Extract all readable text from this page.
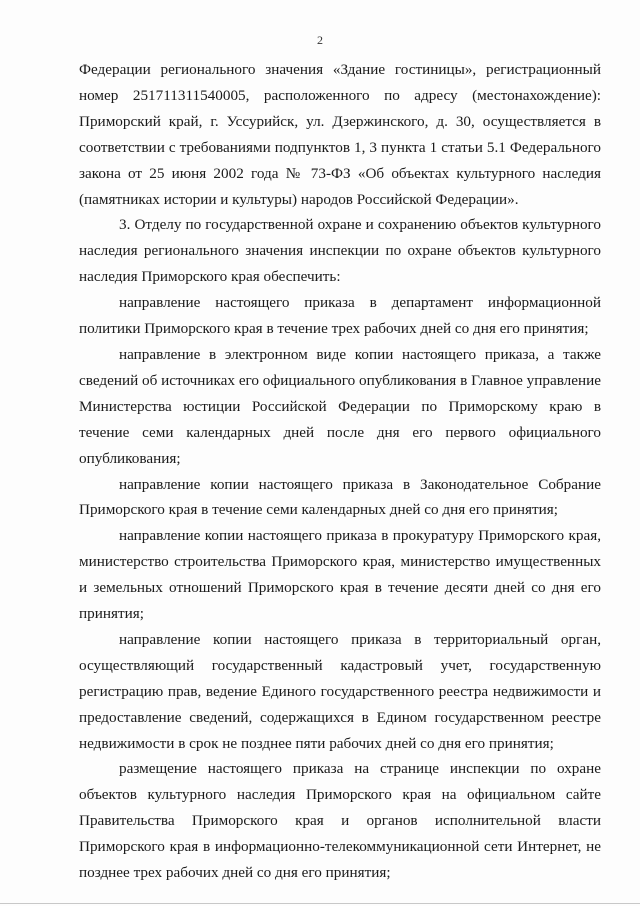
2

Федерации регионального значения «Здание гостиницы», регистрационный номер 251711311540005, расположенного по адресу (местонахождение): Приморский край, г. Уссурийск, ул. Дзержинского, д. 30, осуществляется в соответствии с требованиями подпунктов 1, 3 пункта 1 статьи 5.1 Федерального закона от 25 июня 2002 года № 73-ФЗ «Об объектах культурного наследия (памятниках истории и культуры) народов Российской Федерации».

3. Отделу по государственной охране и сохранению объектов культурного наследия регионального значения инспекции по охране объектов культурного наследия Приморского края обеспечить:

направление настоящего приказа в департамент информационной политики Приморского края в течение трех рабочих дней со дня его принятия;

направление в электронном виде копии настоящего приказа, а также сведений об источниках его официального опубликования в Главное управление Министерства юстиции Российской Федерации по Приморскому краю в течение семи календарных дней после дня его первого официального опубликования;

направление копии настоящего приказа в Законодательное Собрание Приморского края в течение семи календарных дней со дня его принятия;

направление копии настоящего приказа в прокуратуру Приморского края, министерство строительства Приморского края, министерство имущественных и земельных отношений Приморского края в течение десяти дней со дня его принятия;

направление копии настоящего приказа в территориальный орган, осуществляющий государственный кадастровый учет, государственную регистрацию прав, ведение Единого государственного реестра недвижимости и предоставление сведений, содержащихся в Едином государственном реестре недвижимости в срок не позднее пяти рабочих дней со дня его принятия;

размещение настоящего приказа на странице инспекции по охране объектов культурного наследия Приморского края на официальном сайте Правительства Приморского края и органов исполнительной власти Приморского края в информационно-телекоммуникационной сети Интернет, не позднее трех рабочих дней со дня его принятия;
